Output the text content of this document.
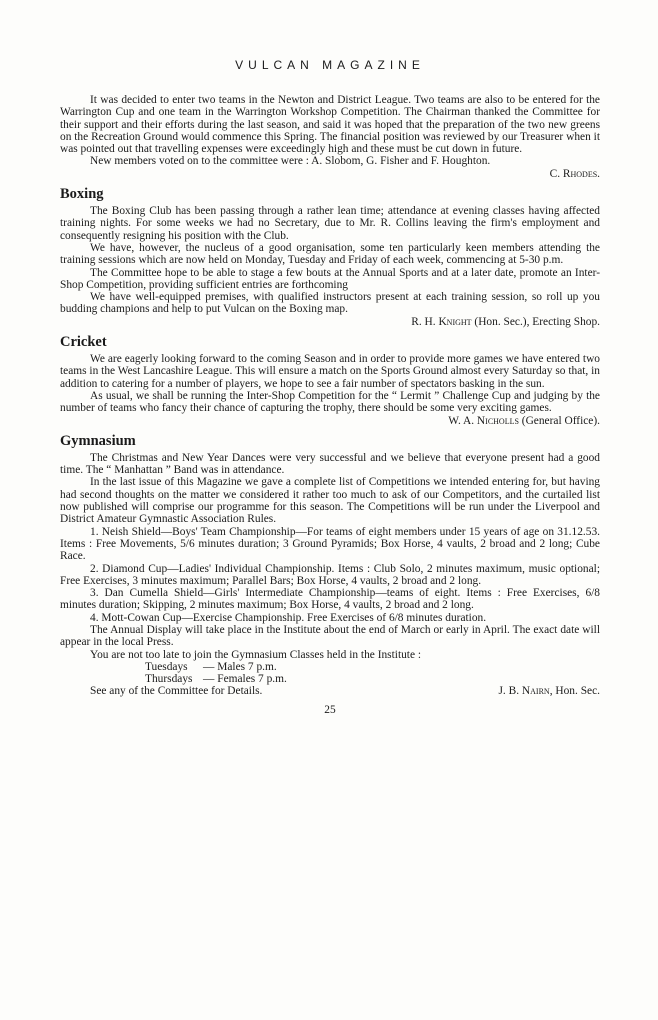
VULCAN MAGAZINE

It was decided to enter two teams in the Newton and District League. Two teams are also to be entered for the Warrington Cup and one team in the Warrington Workshop Competition. The Chairman thanked the Committee for their support and their efforts during the last season, and said it was hoped that the preparation of the two new greens on the Recreation Ground would commence this Spring. The financial position was reviewed by our Treasurer when it was pointed out that travelling expenses were exceedingly high and these must be cut down in future.

New members voted on to the committee were : A. Slobom, G. Fisher and F. Houghton.

C. Rhodes.
Boxing

The Boxing Club has been passing through a rather lean time; attendance at evening classes having affected training nights. For some weeks we had no Secretary, due to Mr. R. Collins leaving the firm's employment and consequently resigning his position with the Club.

We have, however, the nucleus of a good organisation, some ten particularly keen members attending the training sessions which are now held on Monday, Tuesday and Friday of each week, commencing at 5-30 p.m.

The Committee hope to be able to stage a few bouts at the Annual Sports and at a later date, promote an Inter-Shop Competition, providing sufficient entries are forthcoming

We have well-equipped premises, with qualified instructors present at each training session, so roll up you budding champions and help to put Vulcan on the Boxing map.

R. H. Knight (Hon. Sec.), Erecting Shop.
Cricket

We are eagerly looking forward to the coming Season and in order to provide more games we have entered two teams in the West Lancashire League. This will ensure a match on the Sports Ground almost every Saturday so that, in addition to catering for a number of players, we hope to see a fair number of spectators basking in the sun.

As usual, we shall be running the Inter-Shop Competition for the “ Lermit ” Challenge Cup and judging by the number of teams who fancy their chance of capturing the trophy, there should be some very exciting games.

W. A. Nicholls (General Office).
Gymnasium

The Christmas and New Year Dances were very successful and we believe that everyone present had a good time. The “ Manhattan ” Band was in attendance.

In the last issue of this Magazine we gave a complete list of Competitions we intended entering for, but having had second thoughts on the matter we considered it rather too much to ask of our Competitors, and the curtailed list now published will comprise our programme for this season. The Competitions will be run under the Liverpool and District Amateur Gymnastic Association Rules.

1. Neish Shield—Boys' Team Championship—For teams of eight members under 15 years of age on 31.12.53. Items : Free Movements, 5/6 minutes duration; 3 Ground Pyramids; Box Horse, 4 vaults, 2 broad and 2 long; Cube Race.

2. Diamond Cup—Ladies' Individual Championship. Items : Club Solo, 2 minutes maximum, music optional; Free Exercises, 3 minutes maximum; Parallel Bars; Box Horse, 4 vaults, 2 broad and 2 long.

3. Dan Cumella Shield—Girls' Intermediate Championship—teams of eight. Items : Free Exercises, 6/8 minutes duration; Skipping, 2 minutes maximum; Box Horse, 4 vaults, 2 broad and 2 long.

4. Mott-Cowan Cup—Exercise Championship. Free Exercises of 6/8 minutes duration.

The Annual Display will take place in the Institute about the end of March or early in April. The exact date will appear in the local Press.

You are not too late to join the Gymnasium Classes held in the Institute :

Tuesdays	— Males 7 p.m.
Thursdays — Females 7 p.m.
See any of the Committee for Details.	J. B. Nairn, Hon. Sec.
25
